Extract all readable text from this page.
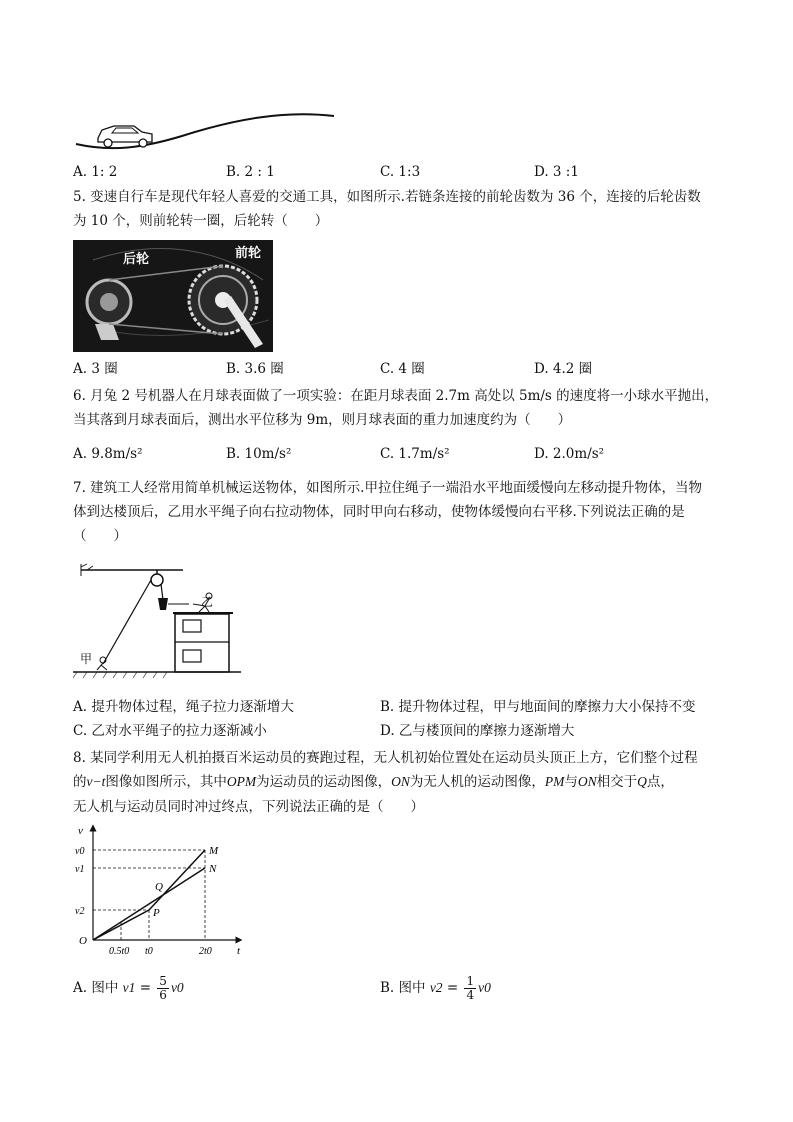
A. 1: 2	B. 2 : 1	C. 1:3	D. 3 :1
5. 变速自行车是现代年轻人喜爱的交通工具，如图所示.若链条连接的前轮齿数为 36 个，连接的后轮齿数
为 10 个，则前轮转一圈，后轮转（　　）
后轮	前轮
A. 3 圈	B. 3.6 圈	C. 4 圈	D. 4.2 圈
6. 月兔 2 号机器人在月球表面做了一项实验：在距月球表面 2.7m 高处以 5m/s 的速度将一小球水平抛出，
当其落到月球表面后，测出水平位移为 9m，则月球表面的重力加速度约为（　　）
A. 9.8m/s²	B. 10m/s²	C. 1.7m/s²	D. 2.0m/s²
7. 建筑工人经常用简单机械运送物体，如图所示.甲拉住绳子一端沿水平地面缓慢向左移动提升物体，当物
体到达楼顶后，乙用水平绳子向右拉动物体，同时甲向右移动，使物体缓慢向右平移.下列说法正确的是
（　　）
甲
乙
A. 提升物体过程，绳子拉力逐渐增大	B. 提升物体过程，甲与地面间的摩擦力大小保持不变
C. 乙对水平绳子的拉力逐渐减小	D. 乙与楼顶间的摩擦力逐渐增大
8. 某同学利用无人机拍摄百米运动员的赛跑过程，无人机初始位置处在运动员头顶正上方，它们整个过程
的v−t图像如图所示，其中OPM为运动员的运动图像，ON为无人机的运动图像，PM与ON相交于Q点，
无人机与运动员同时冲过终点，下列说法正确的是（　　）
v
t
O
v0
v1
v2
0.5t0 t0	2t0
M
N
Q
P
A. 图中 $v1 = \frac{5}{6} v0$	B. 图中 $v2 = \frac{1}{4} v0$
